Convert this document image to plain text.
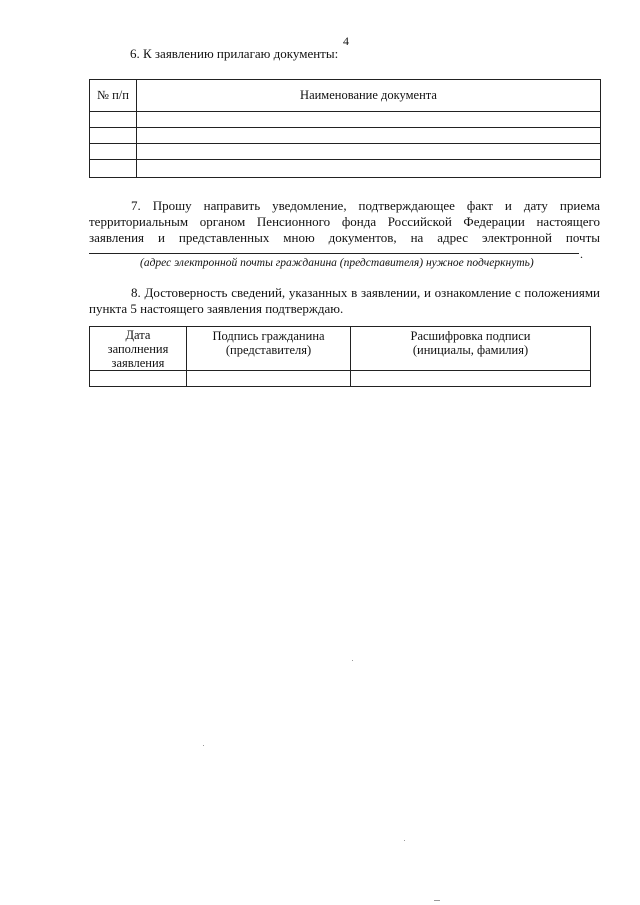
4
6. К заявлению прилагаю документы:
№ п/п	Наименование документа

7. Прошу направить уведомление, подтверждающее факт и дату приема
территориальным органом Пенсионного фонда Российской Федерации настоящего
заявления и представленных мною документов, на адрес электронной почты
.
(адрес электронной почты гражданина (представителя) нужное подчеркнуть)
8. Достоверность сведений, указанных в заявлении, и ознакомление с положениями
пункта 5 настоящего заявления подтверждаю.
Дата заполнения заявления	Подпись гражданина (представителя)	Расшифровка подписи (инициалы, фамилия)
